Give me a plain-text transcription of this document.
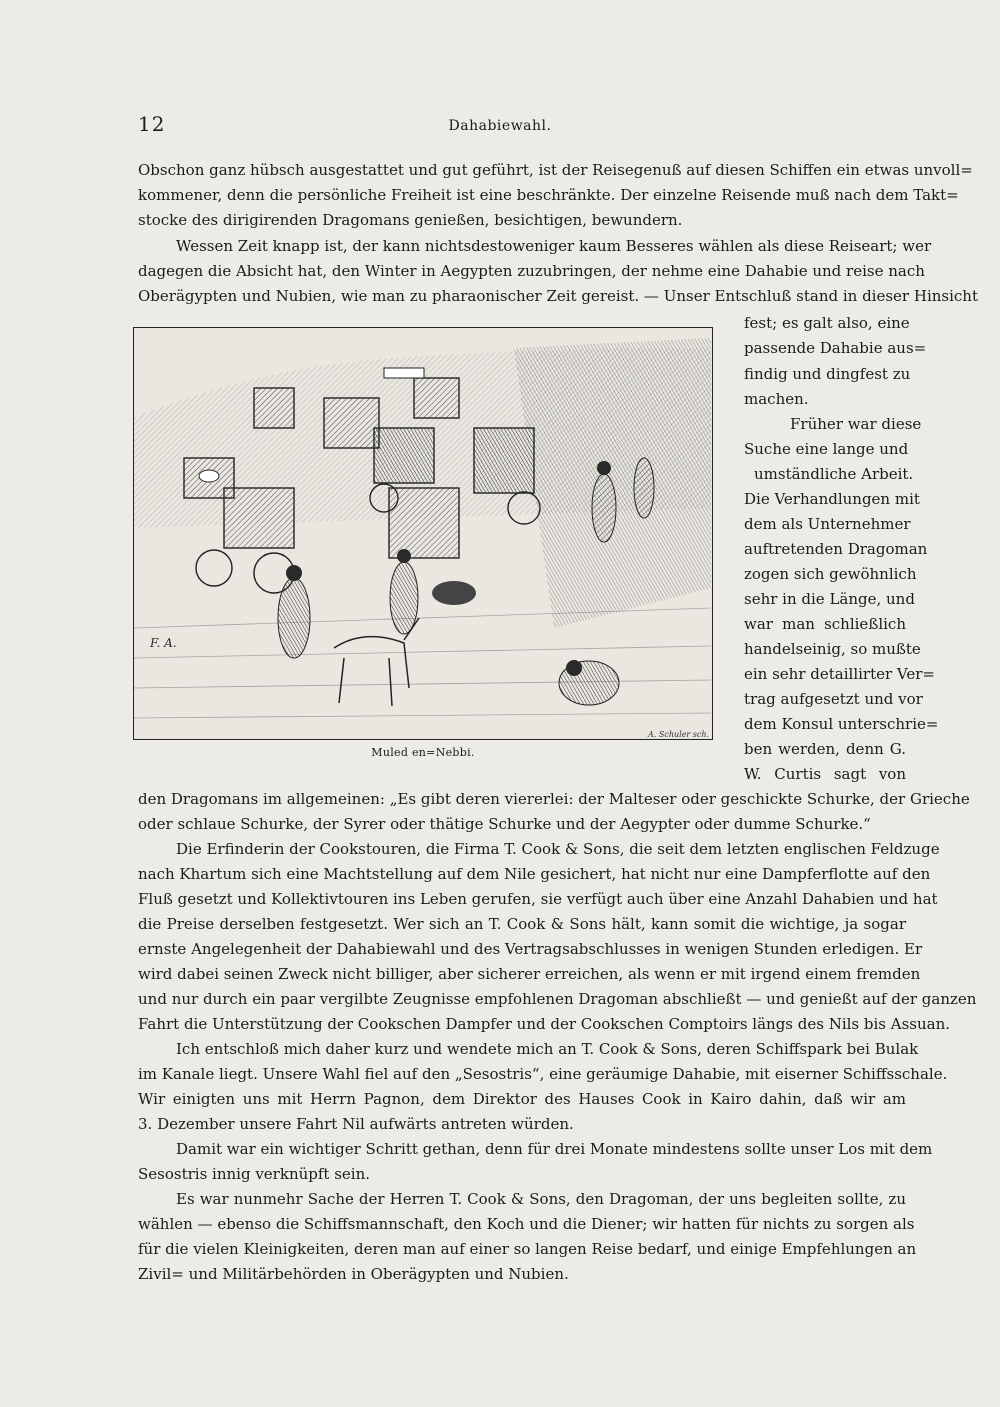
12	Dahabiewahl.
Obschon ganz hübsch ausgestattet und gut geführt, ist der Reisegenuß auf diesen Schiffen ein etwas unvoll=
kommener, denn die persönliche Freiheit ist eine beschränkte. Der einzelne Reisende muß nach dem Takt=
stocke des dirigirenden Dragomans genießen, besichtigen, bewundern.
Wessen Zeit knapp ist, der kann nichtsdestoweniger kaum Besseres wählen als diese Reiseart; wer
dagegen die Absicht hat, den Winter in Aegypten zuzubringen, der nehme eine Dahabie und reise nach
Oberägypten und Nubien, wie man zu pharaonischer Zeit gereist. — Unser Entschluß stand in dieser Hinsicht
fest; es galt also, eine
passende Dahabie aus=
findig und dingfest zu
machen.
Früher war diese
Suche eine lange und
umständliche Arbeit.
Die Verhandlungen mit
dem als Unternehmer
auftretenden Dragoman
zogen sich gewöhnlich
sehr in die Länge, und
war man schließlich
handelseinig, so mußte
ein sehr detaillirter Ver=
trag aufgesetzt und vor
dem Konsul unterschrie=
ben werden, denn G.
W. Curtis sagt von
F. A.
A. Schuler sch.
Muled en=Nebbi.
den Dragomans im allgemeinen: „Es gibt deren viererlei: der Malteser oder geschickte Schurke, der Grieche
oder schlaue Schurke, der Syrer oder thätige Schurke und der Aegypter oder dumme Schurke.“
Die Erfinderin der Cookstouren, die Firma T. Cook & Sons, die seit dem letzten englischen Feldzuge
nach Khartum sich eine Machtstellung auf dem Nile gesichert, hat nicht nur eine Dampferflotte auf den
Fluß gesetzt und Kollektivtouren ins Leben gerufen, sie verfügt auch über eine Anzahl Dahabien und hat
die Preise derselben festgesetzt. Wer sich an T. Cook & Sons hält, kann somit die wichtige, ja sogar
ernste Angelegenheit der Dahabiewahl und des Vertragsabschlusses in wenigen Stunden erledigen. Er
wird dabei seinen Zweck nicht billiger, aber sicherer erreichen, als wenn er mit irgend einem fremden
und nur durch ein paar vergilbte Zeugnisse empfohlenen Dragoman abschließt — und genießt auf der ganzen
Fahrt die Unterstützung der Cookschen Dampfer und der Cookschen Comptoirs längs des Nils bis Assuan.
Ich entschloß mich daher kurz und wendete mich an T. Cook & Sons, deren Schiffspark bei Bulak
im Kanale liegt. Unsere Wahl fiel auf den „Sesostris“, eine geräumige Dahabie, mit eiserner Schiffsschale.
Wir einigten uns mit Herrn Pagnon, dem Direktor des Hauses Cook in Kairo dahin, daß wir am
3. Dezember unsere Fahrt Nil aufwärts antreten würden.
Damit war ein wichtiger Schritt gethan, denn für drei Monate mindestens sollte unser Los mit dem
Sesostris innig verknüpft sein.
Es war nunmehr Sache der Herren T. Cook & Sons, den Dragoman, der uns begleiten sollte, zu
wählen — ebenso die Schiffsmannschaft, den Koch und die Diener; wir hatten für nichts zu sorgen als
für die vielen Kleinigkeiten, deren man auf einer so langen Reise bedarf, und einige Empfehlungen an
Zivil= und Militärbehörden in Oberägypten und Nubien.
